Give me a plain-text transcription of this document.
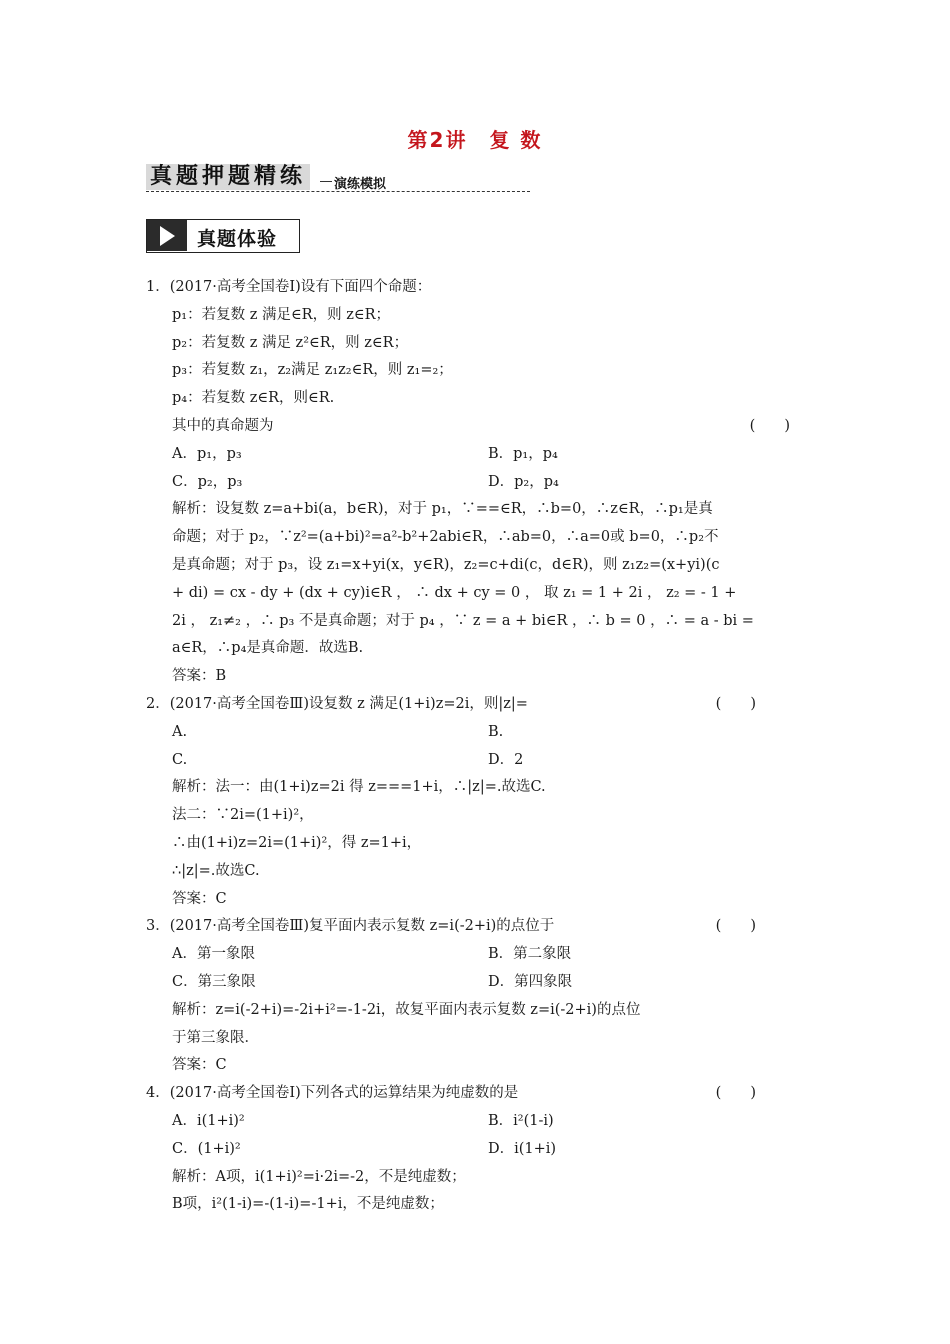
第2讲　复 数
真题押题精练	演练模拟
真题体验
1．(2017·高考全国卷Ⅰ)设有下面四个命题：
p₁：若复数 z 满足∈R，则 z∈R；
p₂：若复数 z 满足 z²∈R，则 z∈R；
p₃：若复数 z₁，z₂满足 z₁z₂∈R，则 z₁=₂；
p₄：若复数 z∈R，则∈R.
其中的真命题为	(　　)
A．p₁，p₃	B．p₁，p₄
C．p₂，p₃	D．p₂，p₄
解析：设复数 z=a+bi(a，b∈R)，对于 p₁，∵==∈R，∴b=0，∴z∈R，∴p₁是真
命题；对于 p₂，∵z²=(a+bi)²=a²-b²+2abi∈R，∴ab=0，∴a=0或 b=0，∴p₂不
是真命题；对于 p₃，设 z₁=x+yi(x，y∈R)，z₂=c+di(c，d∈R)，则 z₁z₂=(x+yi)(c
+ di) = cx - dy + (dx + cy)i∈R ， ∴ dx + cy = 0 ， 取 z₁ = 1 + 2i ， z₂ = - 1 +
2i ， z₁≠₂ ，∴ p₃ 不是真命题；对于 p₄ ，∵ z = a + bi∈R ，∴ b = 0 ，∴ = a - bi =
a∈R，∴p₄是真命题．故选B.
答案：B
2．(2017·高考全国卷Ⅲ)设复数 z 满足(1+i)z=2i，则|z|=	(　　)
A.	B.
C.	D．2
解析：法一：由(1+i)z=2i 得 z===1+i，∴|z|=.故选C.
法二：∵2i=(1+i)²，
∴由(1+i)z=2i=(1+i)²，得 z=1+i，
∴|z|=.故选C.
答案：C
3．(2017·高考全国卷Ⅲ)复平面内表示复数 z=i(-2+i)的点位于	(　　)
A．第一象限	B．第二象限
C．第三象限	D．第四象限
解析：z=i(-2+i)=-2i+i²=-1-2i，故复平面内表示复数 z=i(-2+i)的点位
于第三象限．
答案：C
4．(2017·高考全国卷Ⅰ)下列各式的运算结果为纯虚数的是	(　　)
A．i(1+i)²	B．i²(1-i)
C．(1+i)²	D．i(1+i)
解析：A项，i(1+i)²=i·2i=-2，不是纯虚数；
B项，i²(1-i)=-(1-i)=-1+i，不是纯虚数；
